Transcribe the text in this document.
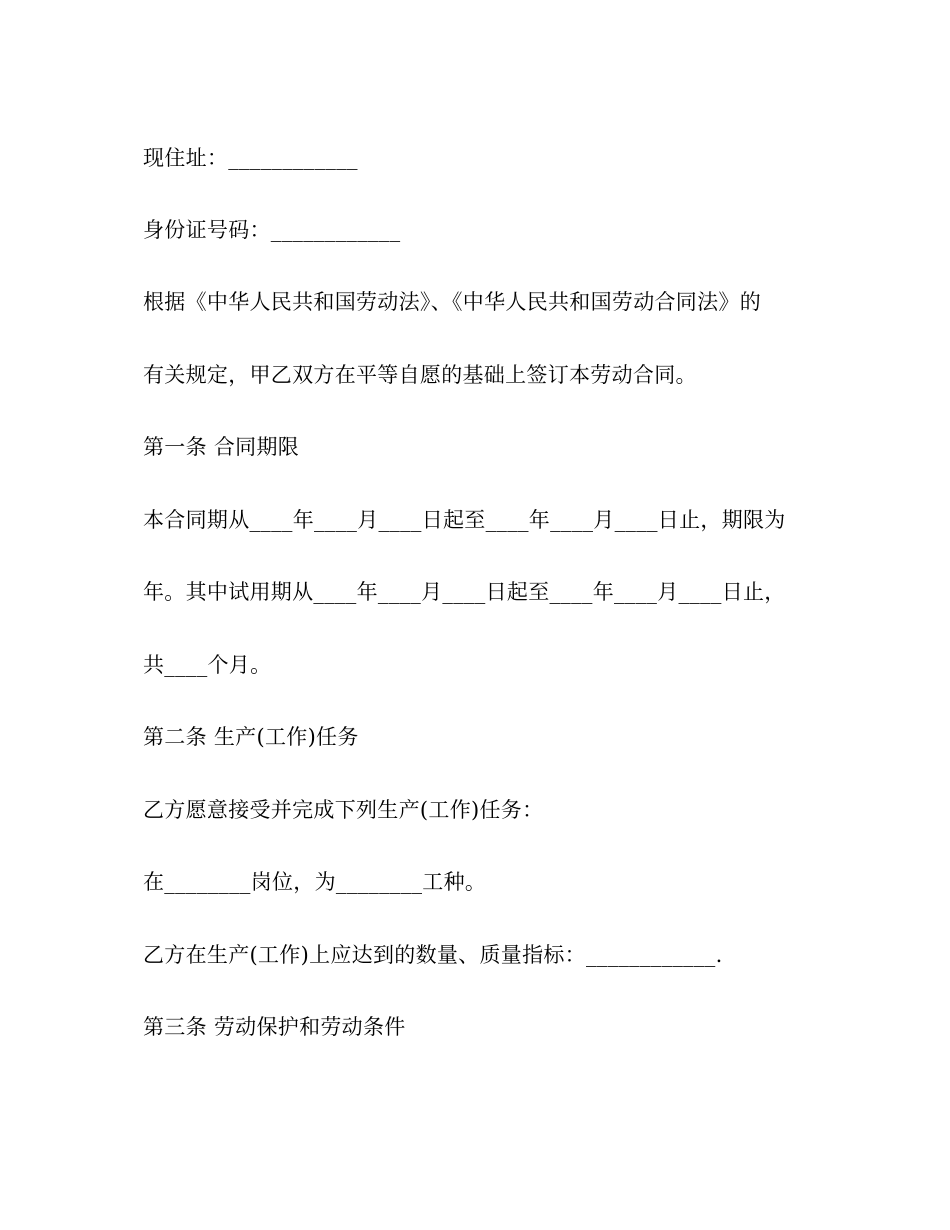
现住址：____________
身份证号码：____________
根据《中华人民共和国劳动法》、《中华人民共和国劳动合同法》的
有关规定，甲乙双方在平等自愿的基础上签订本劳动合同。
第一条 合同期限
本合同期从____年____月____日起至____年____月____日止，期限为
年。其中试用期从____年____月____日起至____年____月____日止，
共____个月。
第二条 生产(工作)任务
乙方愿意接受并完成下列生产(工作)任务：
在________岗位，为________工种。
乙方在生产(工作)上应达到的数量、质量指标：____________.
第三条 劳动保护和劳动条件
